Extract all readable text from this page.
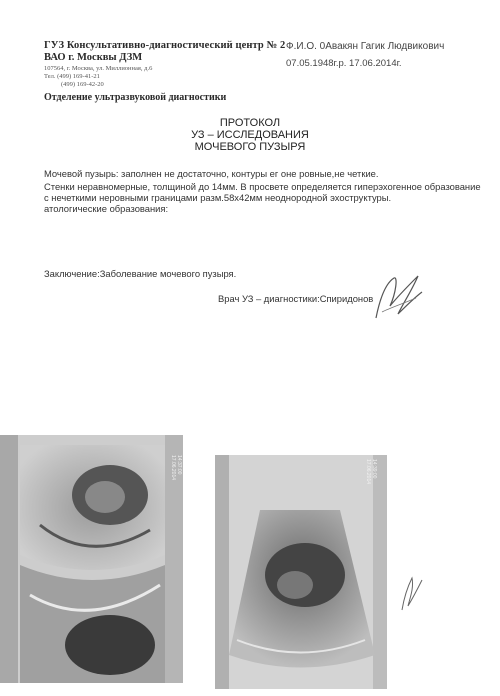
ГУЗ Консультативно-диагностический центр № 2
ВАО г. Москвы ДЗМ
107564, г. Москва, ул. Миллионная, д.6
Тел. (499) 169-41-21
(499) 169-42-20
Отделение ультразвуковой диагностики
Ф.И.О. 0Авакян Гагик Людвикович
07.05.1948г.р. 17.06.2014г.
ПРОТОКОЛ
УЗ – ИССЛЕДОВАНИЯ
МОЧЕВОГО ПУЗЫРЯ
Мочевой пузырь: заполнен не достаточно, контуры ег оне ровные,не четкие.
Стенки неравномерные, толщиной до 14мм. В просвете определяется гиперэхогенное образование
с нечеткими неровными границами разм.58х42мм неоднородной эхоструктуры.
атологические образования:
Заключение:Заболевание мочевого пузыря.
Врач УЗ – диагностики:Спиридонов
17.06.2014 14:37:00	17.06.2014 14:39:00
